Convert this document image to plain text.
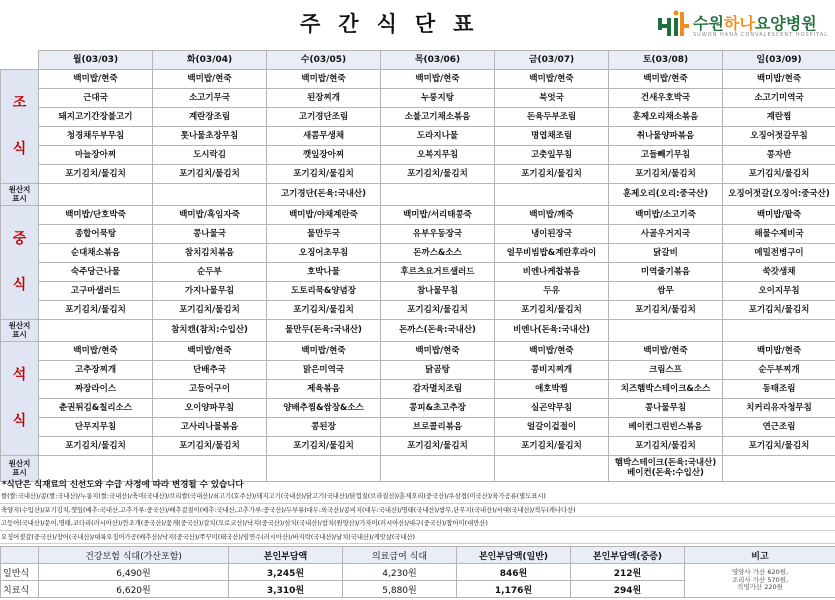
주간식단표	수원하나요양병원
SUWON HANA CONVALESCENT HOSPITAL
	월(03/03)	화(03/04)	수(03/05)	목(03/06)	금(03/07)	토(03/08)	일(03/09)

조

식	백미밥/현죽	백미밥/현죽	백미밥/현죽	백미밥/현죽	백미밥/현죽	백미밥/현죽	백미밥/현죽
	근대국	소고기무국	된장찌개	누룽지탕	북엇국	건새우호박국	소고기미역국
	돼지고기간장불고기	계란장조림	고기경단조림	소불고기채소볶음	돈육두부조림	훈제오리채소볶음	계란찜
	청경채두부무침	톳나물초장무침	새콤무생채	도라지나물	명엽채조림	취나물양파볶음	오징어젓갈무침
	마늘장아찌	도시락김	깻잎장아찌	오복지무침	고춧잎무침	고들빼기무침	콩자반
	포기김치/물김치	포기김치/물김치	포기김치/물김치	포기김치/물김치	포기김치/물김치	포기김치/물김치	포기김치/물김치

원산지
표시			고기경단(돈육:국내산)			훈제오리(오리:중국산)	오징어젓갈(오징어:중국산)

중

식	백미밥/단호박죽	백미밥/흑임자죽	백미밥/야채계란죽	백미밥/서리태콩죽	백미밥/깨죽	백미밥/소고기죽	백미밥/팥죽
	종합어묵탕	콩나물국	물만두국	유부우동장국	냉이된장국	사골우거지국	해물수제비국
	순대채소볶음	참치김치볶음	오징어초무침	돈까스&소스	얼무비빔밥&계란후라이	닭갈비	메밀전병구이
	숙주당근나물	순두부	호박나물	후르츠요거트샐러드	비엔나케찹볶음	미역줄기볶음	쑥갓생채
	고구마샐러드	가지나물무침	도토리묵&양념장	참나물무침	두유	쌈무	오이지무침
	포기김치/물김치	포기김치/물김치	포기김치/물김치	포기김치/물김치	포기김치/물김치	포기김치/물김치	포기김치/물김치

원산지
표시		참치캔(참치:수입산)	물만두(돈육:국내산)	돈까스(돈육:국내산)	비엔나(돈육:국내산)		

석

식	백미밥/현죽	백미밥/현죽	백미밥/현죽	백미밥/현죽	백미밥/현죽	백미밥/현죽	백미밥/현죽
	고추장찌개	단배추국	맑은미역국	닭곰탕	콩비지찌개	크림스프	순두부찌개
	짜장라이스	고등어구이	제육볶음	감자멸치조림	애호박찜	치즈햄박스테이크&소스	동태조림
	춘권튀김&칠리소스	오이양파무침	양배추찜&쌈장&소스	콩피&초고추장	실곤약무침	콩나물무침	치커리유자청무침
	단무지무침	고사리나물볶음	콩된장	브로콜리볶음	얼갈이겉절이	베이컨그린빈스볶음	연근조림
	포기김치/물김치	포기김치/물김치	포기김치/물김치	포기김치/물김치	포기김치/물김치	포기김치/물김치	포기김치/물김치

원산지
표시						햄박스테이크(돈육:국내산)
베이컨(돈육:수입산)	

*식단은 식재료의 신선도와 수급 사정에 따라 변경될 수 있습니다
쌀(쌀:국내산)/콩(쌀:국내산)/누룽지(쌀:국내산)/축미(국내산)/브리쌀(국내산)/쇠고기(호주산)/돼지고기(국내산)/닭고기(국내산)/닭껍질(브라질산)/훈제오리(중국산)/우삼겹(미국산)/육가공류(별도표시)
축양지(수입산)/포기김치,깻잎(배추:국내산,고추가루:중국산)/배추겉절이(배추:국내산,고추가루:중국산)/두부류(대두:외국산)/콩비지(대두:국내산)/명태(국내산)/쌈무,단무지(국내산)/서대(국내산)/적두(캐나다산)
고등어(국내산)/문어,명태,코다리(러시아산)/깐조개(중국산)/꽃게(중국산)/갈치(모로코산)/낙지(중국산)/삼치(국내산)/참치(원양산)/가자미(러시아산)/대구(중국산)/찹어미(대만산)
오징어젓갈(중국산)/장어(국내산)/대륙오징어가공(배추산)/낙지(중국산)/쭈꾸미(태국산)/임연수(러시아산)/바지락(국내산)/날치(국내산)/게맛살(국내산)
	건강보험 식대(가산포함)	본인부담액	의료급여 식대	본인부담액(일반)	본인부담액(중증)	비고
일반식	6,490원	3,245원	4,230원	846원	212원	영양사 가산 620원,
조리사 가산 570원,
직영가산 220원

치료식	6,620원	3,310원	5,880원	1,176원	294원	
